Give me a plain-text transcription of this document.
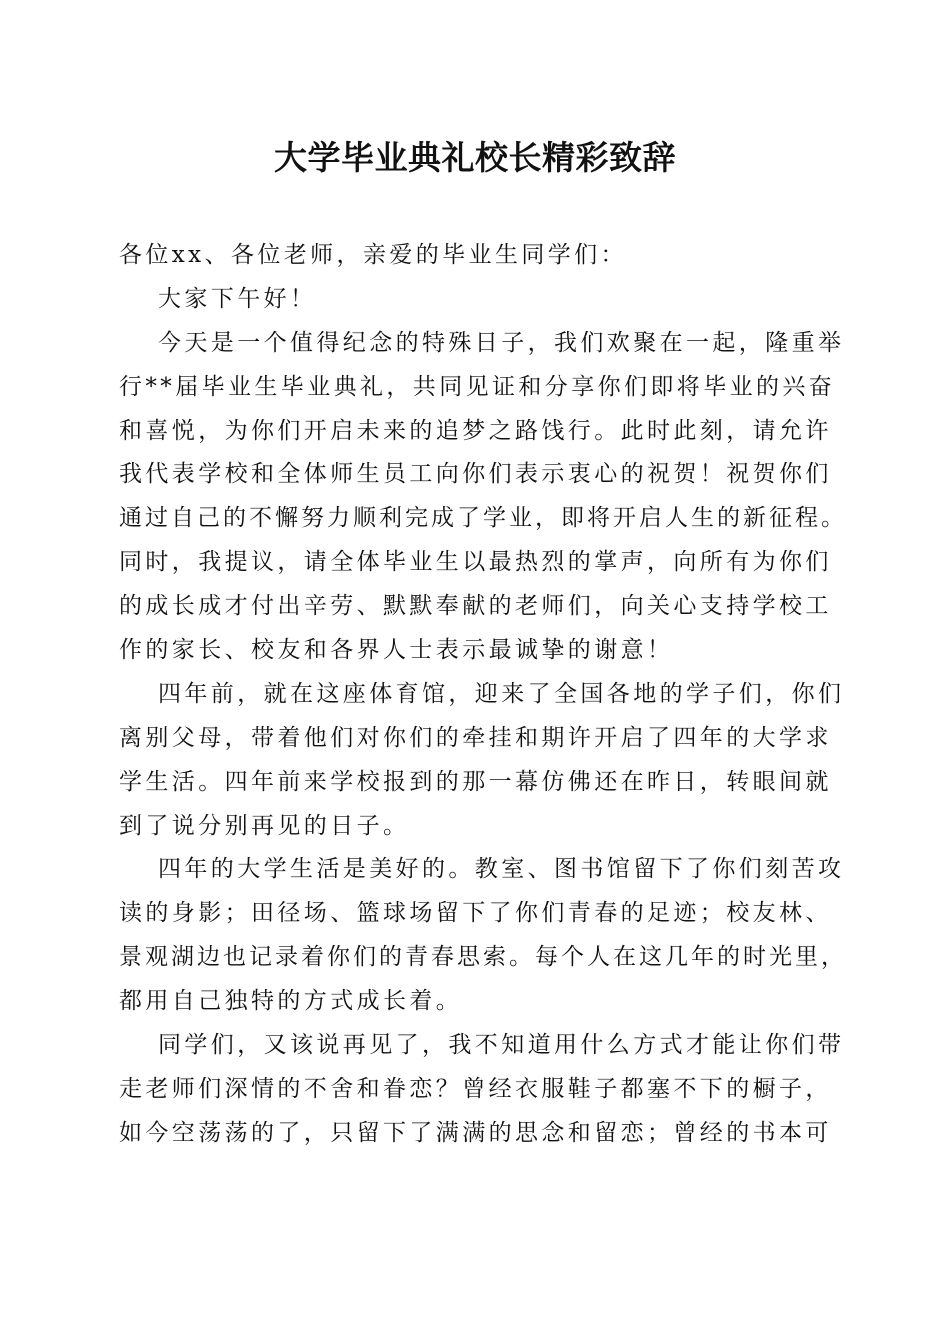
大学毕业典礼校长精彩致辞

各位xx、各位老师，亲爱的毕业生同学们：

大家下午好！

今天是一个值得纪念的特殊日子，我们欢聚在一起，隆重举

行**届毕业生毕业典礼，共同见证和分享你们即将毕业的兴奋

和喜悦，为你们开启未来的追梦之路饯行。此时此刻，请允许

我代表学校和全体师生员工向你们表示衷心的祝贺！祝贺你们

通过自己的不懈努力顺利完成了学业，即将开启人生的新征程。

同时，我提议，请全体毕业生以最热烈的掌声，向所有为你们

的成长成才付出辛劳、默默奉献的老师们，向关心支持学校工

作的家长、校友和各界人士表示最诚挚的谢意！

四年前，就在这座体育馆，迎来了全国各地的学子们，你们

离别父母，带着他们对你们的牵挂和期许开启了四年的大学求

学生活。四年前来学校报到的那一幕仿佛还在昨日，转眼间就

到了说分别再见的日子。

四年的大学生活是美好的。教室、图书馆留下了你们刻苦攻

读的身影；田径场、篮球场留下了你们青春的足迹；校友林、

景观湖边也记录着你们的青春思索。每个人在这几年的时光里，

都用自己独特的方式成长着。

同学们，又该说再见了，我不知道用什么方式才能让你们带

走老师们深情的不舍和眷恋？曾经衣服鞋子都塞不下的橱子，

如今空荡荡的了，只留下了满满的思念和留恋；曾经的书本可
